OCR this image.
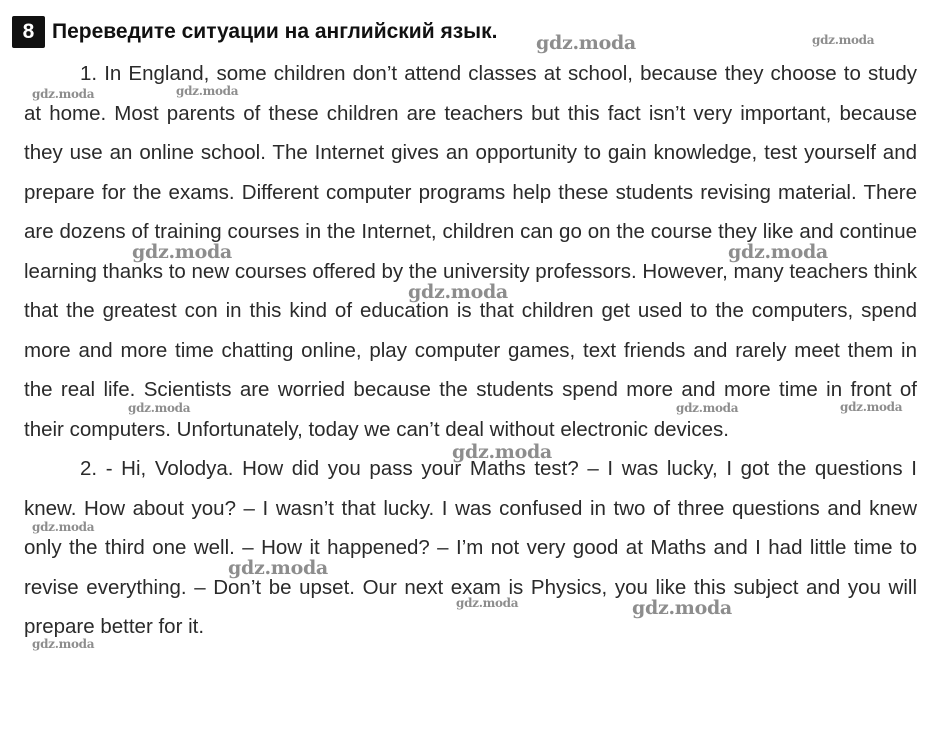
8 Переведите ситуации на английский язык.

1. In England, some children don’t attend classes at school, because they choose to study at home. Most parents of these children are teachers but this fact isn’t very important, because they use an online school. The Internet gives an opportunity to gain knowledge, test yourself and prepare for the exams. Different computer programs help these students revising material. There are dozens of training courses in the Internet, children can go on the course they like and continue learning thanks to new courses offered by the university professors. However, many teachers think that the greatest con in this kind of education is that children get used to the computers, spend more and more time chatting online, play computer games, text friends and rarely meet them in the real life. Scientists are worried because the students spend more and more time in front of their computers. Unfortunately, today we can’t deal without electronic devices.

2. - Hi, Volodya. How did you pass your Maths test? – I was lucky, I got the questions I knew. How about you? – I wasn’t that lucky. I was confused in two of three questions and knew only the third one well. – How it happened? – I’m not very good at Maths and I had little time to revise everything. – Don’t be upset. Our next exam is Physics, you like this subject and you will prepare better for it.

gdz.moda	gdz.moda
gdz.moda	gdz.moda
gdz.moda	gdz.moda
gdz.moda
gdz.moda	gdz.moda	gdz.moda
gdz.moda
gdz.moda
gdz.moda
gdz.moda	gdz.moda
gdz.moda
